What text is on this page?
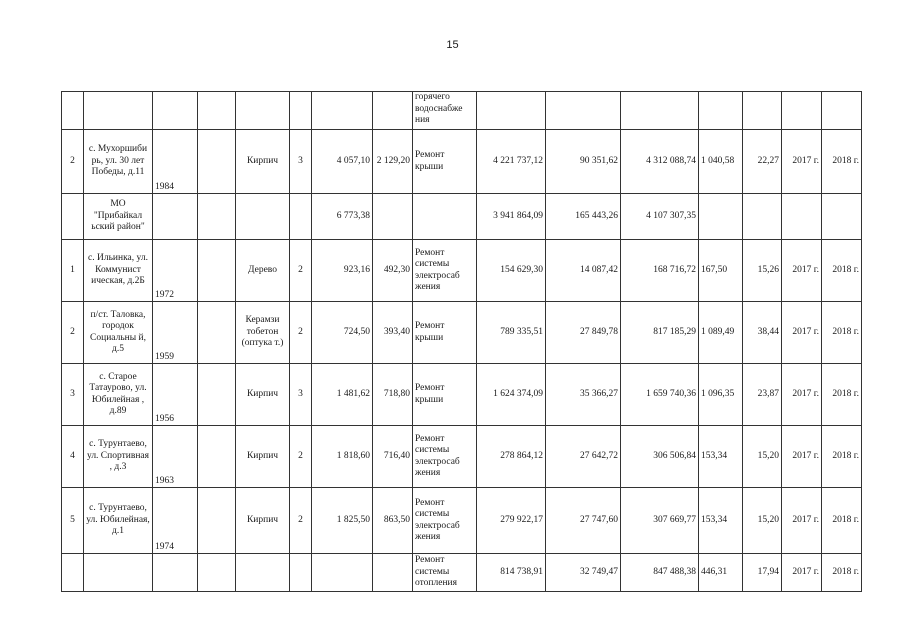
15
								горячего водоснабже ния							
2	с. Мухоршиби рь, ул. 30 лет Победы, д.11	1984		Кирпич	3	4 057,10	2 129,20	Ремонт крыши	4 221 737,12	90 351,62	4 312 088,74	1 040,58	22,27	2017 г.	2018 г.
	МО "Прибайкал ьский район"					6 773,38			3 941 864,09	165 443,26	4 107 307,35				
1	с. Ильинка, ул. Коммунист ическая, д.2Б	1972		Дерево	2	923,16	492,30	Ремонт системы электросаб жения	154 629,30	14 087,42	168 716,72	167,50	15,26	2017 г.	2018 г.
2	п/ст. Таловка, городок Социальны й, д.5	1959		Керамзи тобетон (оптука т.)	2	724,50	393,40	Ремонт крыши	789 335,51	27 849,78	817 185,29	1 089,49	38,44	2017 г.	2018 г.
3	с. Старое Татаурово, ул. Юбилейная , д.89	1956		Кирпич	3	1 481,62	718,80	Ремонт крыши	1 624 374,09	35 366,27	1 659 740,36	1 096,35	23,87	2017 г.	2018 г.
4	с. Турунтаево, ул. Спортивная , д.3	1963		Кирпич	2	1 818,60	716,40	Ремонт системы электросаб жения	278 864,12	27 642,72	306 506,84	153,34	15,20	2017 г.	2018 г.
5	с. Турунтаево, ул. Юбилейная, д.1	1974		Кирпич	2	1 825,50	863,50	Ремонт системы электросаб жения	279 922,17	27 747,60	307 669,77	153,34	15,20	2017 г.	2018 г.
								Ремонт системы отопления	814 738,91	32 749,47	847 488,38	446,31	17,94	2017 г.	2018 г.
